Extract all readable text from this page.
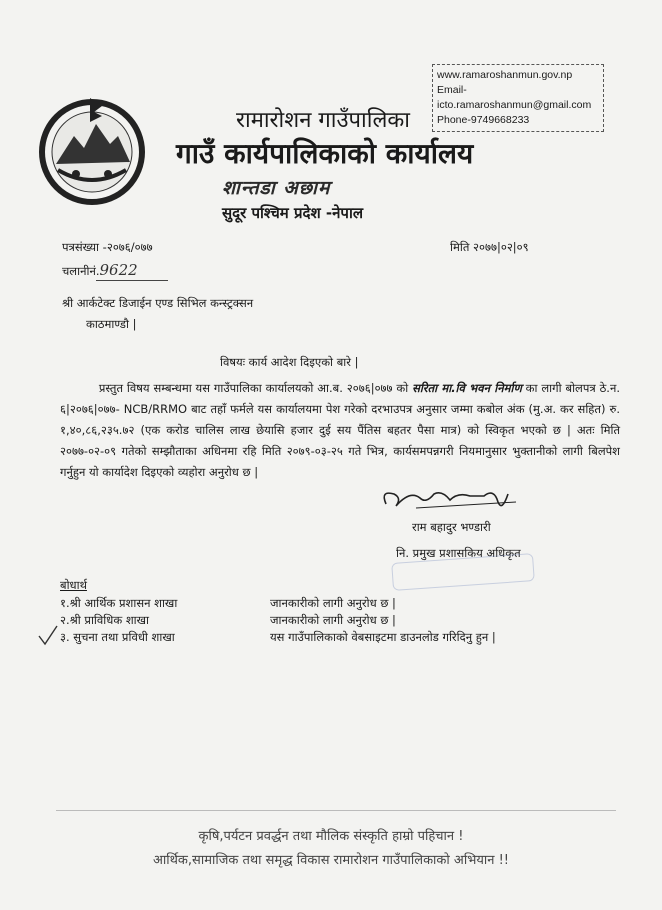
www.ramaroshanmun.gov.np
Email-
icto.ramaroshanmun@gmail.com
Phone-9749668233
रामारोशन गाउँपालिका
गाउँ कार्यपालिकाको कार्यालय
शान्तडा अछाम
सुदूर पश्चिम प्रदेश -नेपाल
पत्रसंख्या -२०७६/०७७
चलानीनं.9622
मिति २०७७|०२|०९
श्री आर्कटेक्ट डिजाईन एण्ड सिभिल कन्स्ट्रक्सन
काठमाण्डौ |
विषयः कार्य आदेश दिइएको बारे |
प्रस्तुत विषय सम्बन्धमा यस गाउँपालिका कार्यालयको आ.ब. २०७६|०७७ को सरिता मा.वि भवन निर्माण का लागी बोलपत्र ठे.न. ६|२०७६|०७७- NCB/RRMO बाट तहाँ फर्मले यस कार्यालयमा पेश गरेको दरभाउपत्र अनुसार जम्मा कबोल अंक (मु.अ. कर सहित) रु. १,४०,८६,२३५.७२ (एक करोड चालिस लाख छेयासि हजार दुई सय पैंतिस बहतर पैसा मात्र) को स्विकृत भएको छ | अतः मिति २०७७-०२-०९ गतेको सम्झौताका अधिनमा रहि मिति २०७९-०३-२५ गते भित्र, कार्यसमपन्नगरी नियमानुसार भुक्तानीको लागी बिलपेश गर्नुहुन यो कार्यादेश दिइएको व्यहोरा अनुरोध छ |
राम बहादुर भण्डारी
नि. प्रमुख प्रशासकिय अधिकृत
बोधार्थ
१.श्री आर्थिक प्रशासन शाखा	जानकारीको लागी अनुरोध छ |
२.श्री प्राविधिक शाखा	जानकारीको लागी अनुरोध छ |
३. सुचना तथा प्रविधी शाखा	यस गाउँपालिकाको वेबसाइटमा डाउनलोड गरिदिनु हुन |
कृषि,पर्यटन प्रवर्द्धन तथा मौलिक संस्कृति हाम्रो पहिचान !
आर्थिक,सामाजिक तथा समृद्ध विकास रामारोशन गाउँपालिकाको अभियान !!
